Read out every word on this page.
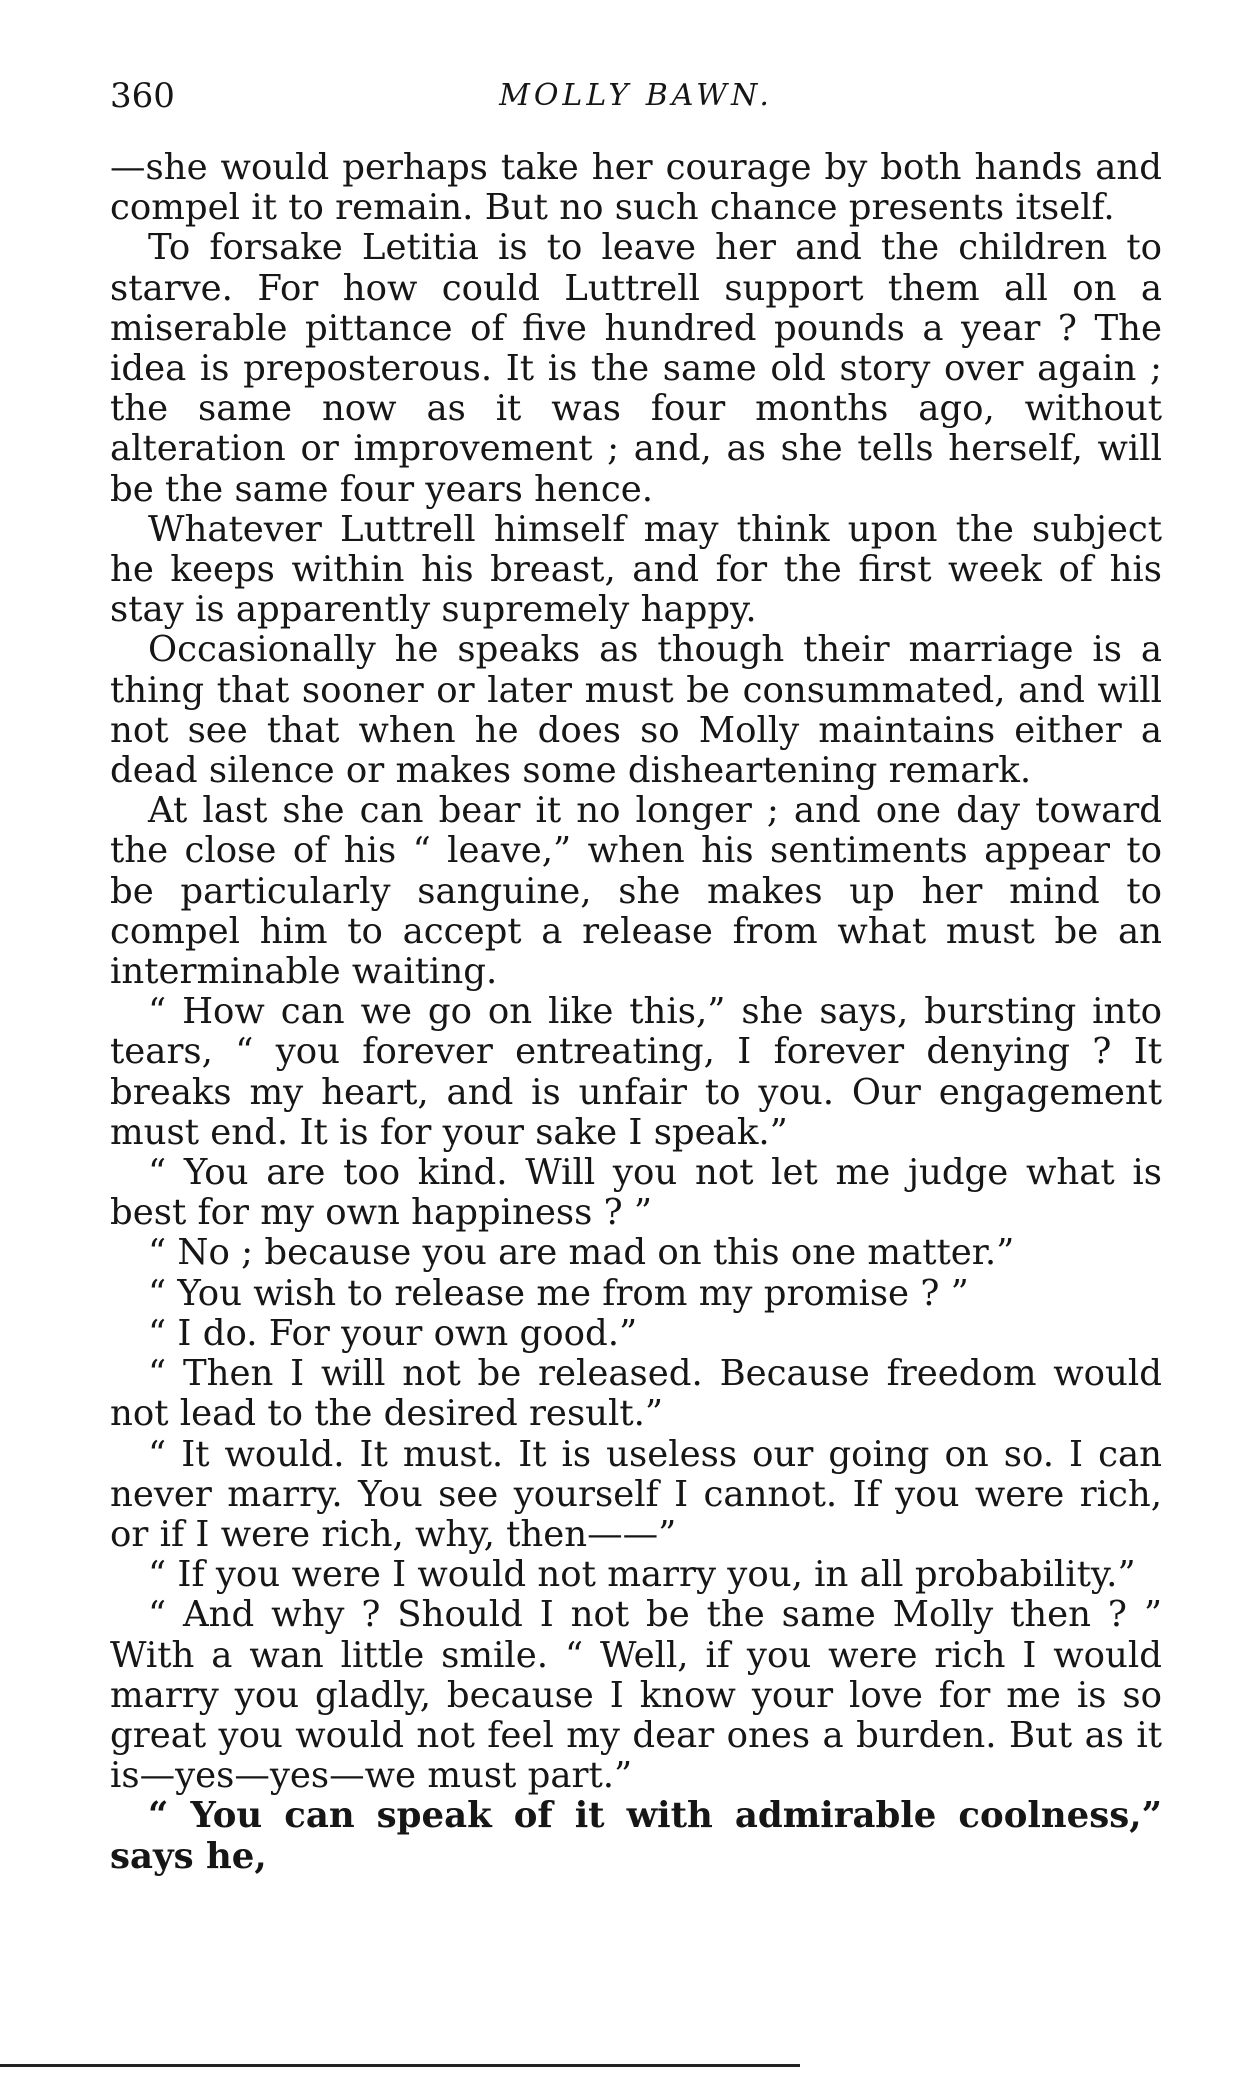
360	MOLLY BAWN.

—she would perhaps take her courage by both hands and compel it to remain. But no such chance presents itself.

To forsake Letitia is to leave her and the children to starve. For how could Luttrell support them all on a miserable pittance of five hundred pounds a year ? The idea is preposterous. It is the same old story over again ; the same now as it was four months ago, without alteration or improvement ; and, as she tells herself, will be the same four years hence.

Whatever Luttrell himself may think upon the subject he keeps within his breast, and for the first week of his stay is apparently supremely happy.

Occasionally he speaks as though their marriage is a thing that sooner or later must be consummated, and will not see that when he does so Molly maintains either a dead silence or makes some disheartening remark.

At last she can bear it no longer ; and one day toward the close of his “ leave,” when his sentiments appear to be particularly sanguine, she makes up her mind to compel him to accept a release from what must be an interminable waiting.

“ How can we go on like this,” she says, bursting into tears, “ you forever entreating, I forever denying ? It breaks my heart, and is unfair to you. Our engagement must end. It is for your sake I speak.”

“ You are too kind. Will you not let me judge what is best for my own happiness ? ”

“ No ; because you are mad on this one matter.”

“ You wish to release me from my promise ? ”

“ I do. For your own good.”

“ Then I will not be released. Because freedom would not lead to the desired result.”

“ It would. It must. It is useless our going on so. I can never marry. You see yourself I cannot. If you were rich, or if I were rich, why, then——”

“ If you were I would not marry you, in all probability.”

“ And why ? Should I not be the same Molly then ? ” With a wan little smile. “ Well, if you were rich I would marry you gladly, because I know your love for me is so great you would not feel my dear ones a burden. But as it is—yes—yes—we must part.”

“ You can speak of it with admirable coolness,” says he,
